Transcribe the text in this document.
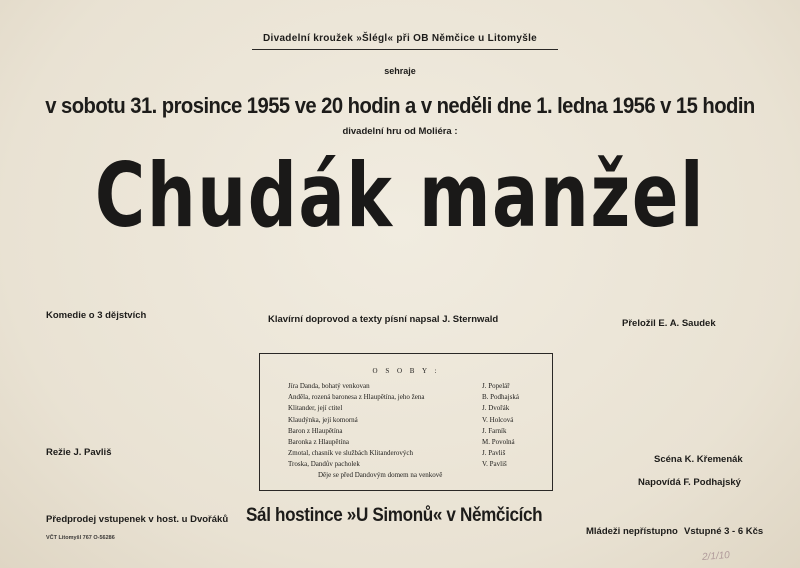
Divadelní kroužek »Šlégl« při OB Němčice u Litomyšle
sehraje
v sobotu 31. prosince 1955 ve 20 hodin a v neděli dne 1. ledna 1956 v 15 hodin
divadelní hru od Moliéra :
Chudák manžel
Komedie o 3 dějstvích	Klavírní doprovod a texty písní napsal J. Sternwald	Přeložil E. A. Saudek
O S O B Y :
Jíra Danda, bohatý venkovan	J. Popelář
Anděla, rozená baronesa z Hlaupětína, jeho žena	B. Podhajská
Klitander, její ctitel	J. Dvořák
Klaudýnka, její komorná	V. Holcová
Baron z Hlaupětína	J. Farník
Baronka z Hlaupětína	M. Povolná
Zmotal, chasník ve službách Klitanderových	J. Pavliš
Troska, Dandův pacholek	V. Pavliš
Děje se před Dandovým domem na venkově
Režie J. Pavliš
Scéna K. Křemenák
Napovídá F. Podhajský
Předprodej vstupenek v host. u Dvořáků Sál hostince »U Simonů« v Němčicích
Mládeži nepřístupno Vstupné 3 - 6 Kčs
VČT Litomyšl 767 O-56286
2/1/10
